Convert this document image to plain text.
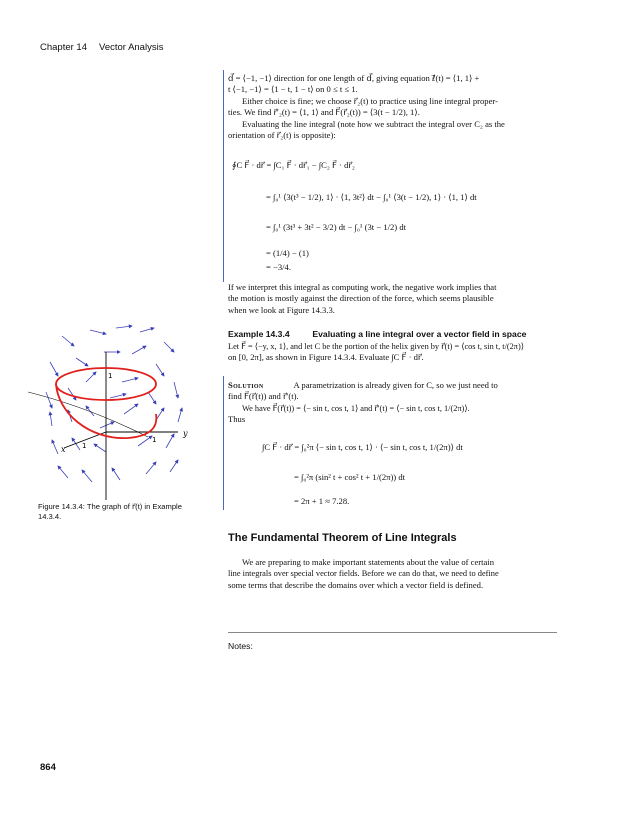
Chapter 14 Vector Analysis
d⃗ = ⟨−1, −1⟩ direction for one length of d⃗, giving equation ℓ⃗(t) = ⟨1, 1⟩ +
t ⟨−1, −1⟩ = ⟨1 − t, 1 − t⟩ on 0 ≤ t ≤ 1.
Either choice is fine; we choose r⃗₂(t) to practice using line integral proper-
ties. We find r⃗′₂(t) = ⟨1, 1⟩ and F⃗(r⃗₂(t)) = ⟨3(t − 1/2), 1⟩.
Evaluating the line integral (note how we subtract the integral over C₂ as the
orientation of r⃗₂(t) is opposite):
∮C F⃗ · dr⃗ = ∫C₁ F⃗ · dr⃗₁ − ∫C₂ F⃗ · dr⃗₂
= ∫₀¹ ⟨3(t³ − 1/2), 1⟩ · ⟨1, 3t²⟩ dt − ∫₀¹ ⟨3(t − 1/2), 1⟩ · ⟨1, 1⟩ dt
= ∫₀¹ (3t³ + 3t² − 3/2) dt − ∫₀¹ (3t − 1/2) dt
= (1/4) − (1)
= −3/4.
If we interpret this integral as computing work, the negative work implies that
the motion is mostly against the direction of the force, which seems plausible
when we look at Figure 14.3.3.
Example 14.3.4	Evaluating a line integral over a vector field in space
Let F⃗ = ⟨−y, x, 1⟩, and let C be the portion of the helix given by r⃗(t) = ⟨cos t, sin t, t/(2π)⟩
on [0, 2π], as shown in Figure 14.3.4. Evaluate ∫C F⃗ · dr⃗.
Solution	A parametrization is already given for C, so we just need to
find F⃗(r⃗(t)) and r⃗′(t).
We have F⃗(r⃗(t)) = ⟨− sin t, cos t, 1⟩ and r⃗′(t) = ⟨− sin t, cos t, 1/(2π)⟩.
Thus
∫C F⃗ · dr⃗ = ∫₀²π ⟨− sin t, cos t, 1⟩ · ⟨− sin t, cos t, 1/(2π)⟩ dt
= ∫₀²π (sin² t + cos² t + 1/(2π)) dt
= 2π + 1 ≈ 7.28.
x
y
1
1
1
Figure 14.3.4: The graph of r⃗(t) in Example 14.3.4.
The Fundamental Theorem of Line Integrals
We are preparing to make important statements about the value of certain
line integrals over special vector fields. Before we can do that, we need to define
some terms that describe the domains over which a vector field is defined.
Notes:
864
